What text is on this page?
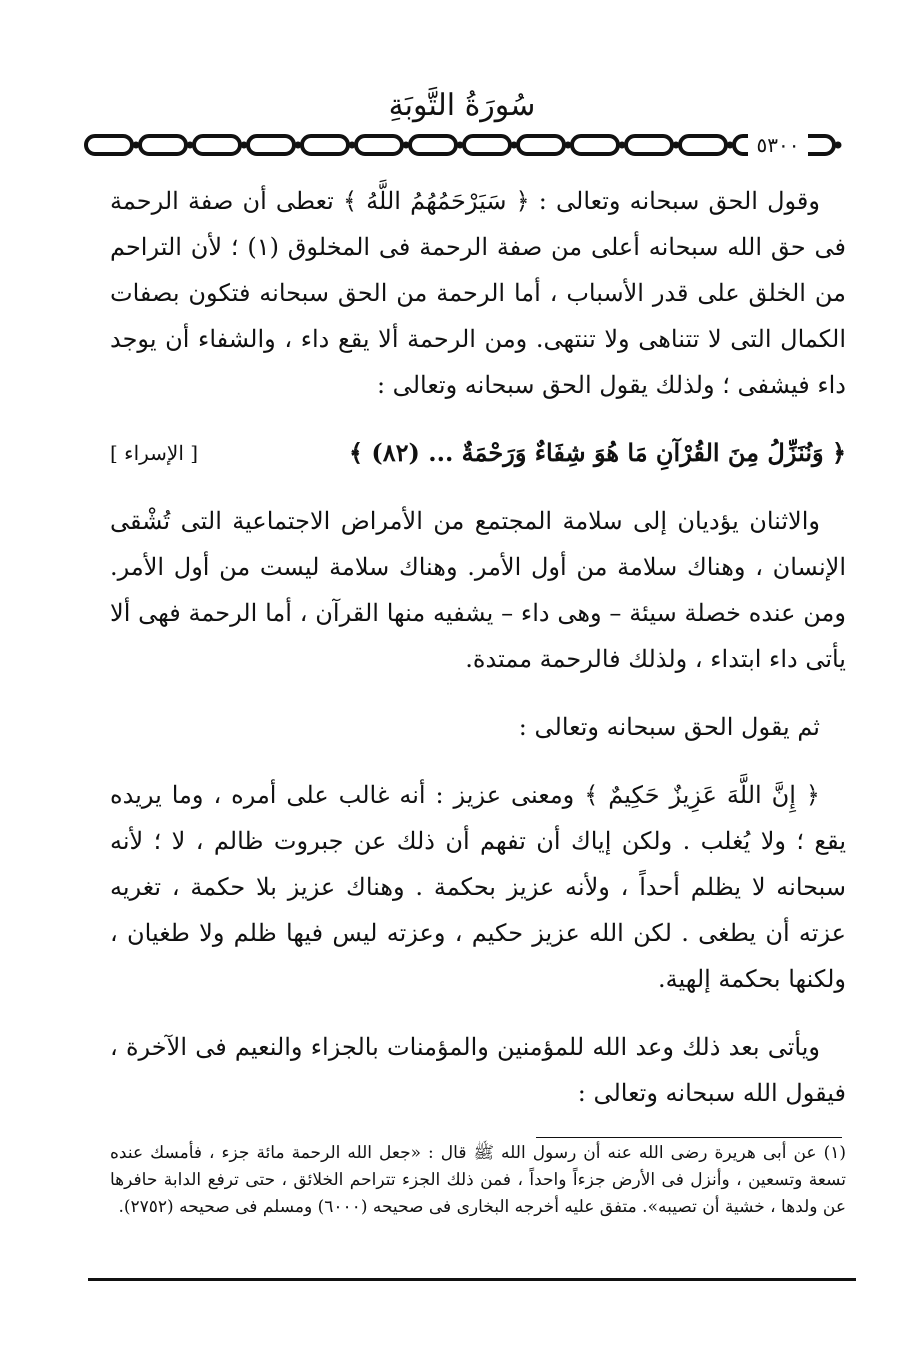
سُورَةُ التَّوبَةِ
٥٣٠٠

وقول الحق سبحانه وتعالى : ﴿ سَيَرْحَمُهُمُ اللَّهُ ﴾ تعطى أن صفة الرحمة فى حق الله سبحانه أعلى من صفة الرحمة فى المخلوق (١) ؛ لأن التراحم من الخلق على قدر الأسباب ، أما الرحمة من الحق سبحانه فتكون بصفات الكمال التى لا تتناهى ولا تنتهى. ومن الرحمة ألا يقع داء ، والشفاء أن يوجد داء فيشفى ؛ ولذلك يقول الحق سبحانه وتعالى :

﴿ وَنُنَزِّلُ مِنَ القُرْآنِ مَا هُوَ شِفَاءٌ وَرَحْمَةٌ ... (٨٢) ﴾
[ الإسراء ]

والاثنان يؤديان إلى سلامة المجتمع من الأمراض الاجتماعية التى تُشْقى الإنسان ، وهناك سلامة من أول الأمر. وهناك سلامة ليست من أول الأمر. ومن عنده خصلة سيئة – وهى داء – يشفيه منها القرآن ، أما الرحمة فهى ألا يأتى داء ابتداء ، ولذلك فالرحمة ممتدة.

ثم يقول الحق سبحانه وتعالى :

﴿ إِنَّ اللَّهَ عَزِيزٌ حَكِيمٌ ﴾ ومعنى عزيز : أنه غالب على أمره ، وما يريده يقع ؛ ولا يُغلب . ولكن إياك أن تفهم أن ذلك عن جبروت ظالم ، لا ؛ لأنه سبحانه لا يظلم أحداً ، ولأنه عزيز بحكمة . وهناك عزيز بلا حكمة ، تغريه عزته أن يطغى . لكن الله عزيز حكيم ، وعزته ليس فيها ظلم ولا طغيان ، ولكنها بحكمة إلهية.

ويأتى بعد ذلك وعد الله للمؤمنين والمؤمنات بالجزاء والنعيم فى الآخرة ، فيقول الله سبحانه وتعالى :

(١) عن أبى هريرة رضى الله عنه أن رسول الله ﷺ قال : «جعل الله الرحمة مائة جزء ، فأمسك عنده تسعة وتسعين ، وأنزل فى الأرض جزءاً واحداً ، فمن ذلك الجزء تتراحم الخلائق ، حتى ترفع الدابة حافرها عن ولدها ، خشية أن تصيبه». متفق عليه أخرجه البخارى فى صحيحه (٦٠٠٠) ومسلم فى صحيحه (٢٧٥٢).
